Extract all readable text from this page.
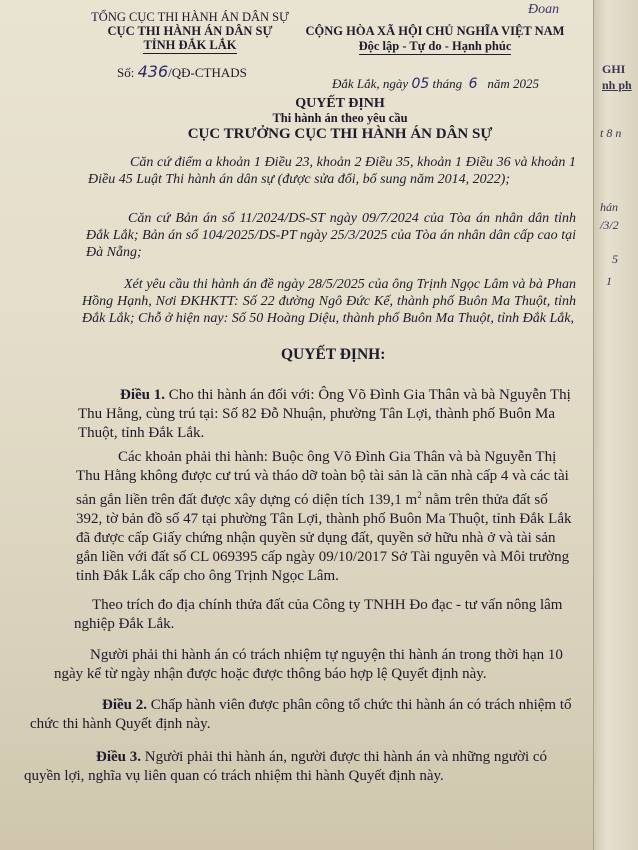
GHI
nh ph
t 8 n
hán
/3/2
5
1
TỔNG CỤC THI HÀNH ÁN DÂN SỰ
CỤC THI HÀNH ÁN DÂN SỰ
TỈNH ĐẮK LẮK
Đoan
CỘNG HÒA XÃ HỘI CHỦ NGHĨA VIỆT NAM
Độc lập - Tự do - Hạnh phúc
Số: 436/QĐ-CTHADS
Đắk Lắk, ngày 05 tháng 6 năm 2025
QUYẾT ĐỊNH
Thi hành án theo yêu cầu
CỤC TRƯỞNG CỤC THI HÀNH ÁN DÂN SỰ
Căn cứ điểm a khoản 1 Điều 23, khoản 2 Điều 35, khoản 1 Điều 36 và khoản 1 Điều 45 Luật Thi hành án dân sự (được sửa đổi, bổ sung năm 2014, 2022);
Căn cứ Bản án số 11/2024/DS-ST ngày 09/7/2024 của Tòa án nhân dân tỉnh Đắk Lắk; Bản án số 104/2025/DS-PT ngày 25/3/2025 của Tòa án nhân dân cấp cao tại Đà Nẵng;
Xét yêu cầu thi hành án đề ngày 28/5/2025 của ông Trịnh Ngọc Lâm và bà Phan Hồng Hạnh, Nơi ĐKHKTT: Số 22 đường Ngô Đức Kế, thành phố Buôn Ma Thuột, tỉnh Đắk Lắk; Chỗ ở hiện nay: Số 50 Hoàng Diệu, thành phố Buôn Ma Thuột, tỉnh Đắk Lắk,
QUYẾT ĐỊNH:
Điều 1. Cho thi hành án đối với: Ông Võ Đình Gia Thân và bà Nguyễn Thị Thu Hằng, cùng trú tại: Số 82 Đỗ Nhuận, phường Tân Lợi, thành phố Buôn Ma Thuột, tỉnh Đắk Lắk.
Các khoản phải thi hành: Buộc ông Võ Đình Gia Thân và bà Nguyễn Thị Thu Hằng không được cư trú và tháo dỡ toàn bộ tài sản là căn nhà cấp 4 và các tài sản gắn liền trên đất được xây dựng có diện tích 139,1 $m^2$ nằm trên thửa đất số 392, tờ bản đồ số 47 tại phường Tân Lợi, thành phố Buôn Ma Thuột, tỉnh Đắk Lắk đã được cấp Giấy chứng nhận quyền sử dụng đất, quyền sở hữu nhà ở và tài sản gắn liền với đất số CL 069395 cấp ngày 09/10/2017 Sở Tài nguyên và Môi trường tỉnh Đắk Lắk cấp cho ông Trịnh Ngọc Lâm.
Theo trích đo địa chính thửa đất của Công ty TNHH Đo đạc - tư vấn nông lâm nghiệp Đắk Lắk.
Người phải thi hành án có trách nhiệm tự nguyện thi hành án trong thời hạn 10 ngày kể từ ngày nhận được hoặc được thông báo hợp lệ Quyết định này.
Điều 2. Chấp hành viên được phân công tổ chức thi hành án có trách nhiệm tổ chức thi hành Quyết định này.
Điều 3. Người phải thi hành án, người được thi hành án và những người có quyền lợi, nghĩa vụ liên quan có trách nhiệm thi hành Quyết định này.
